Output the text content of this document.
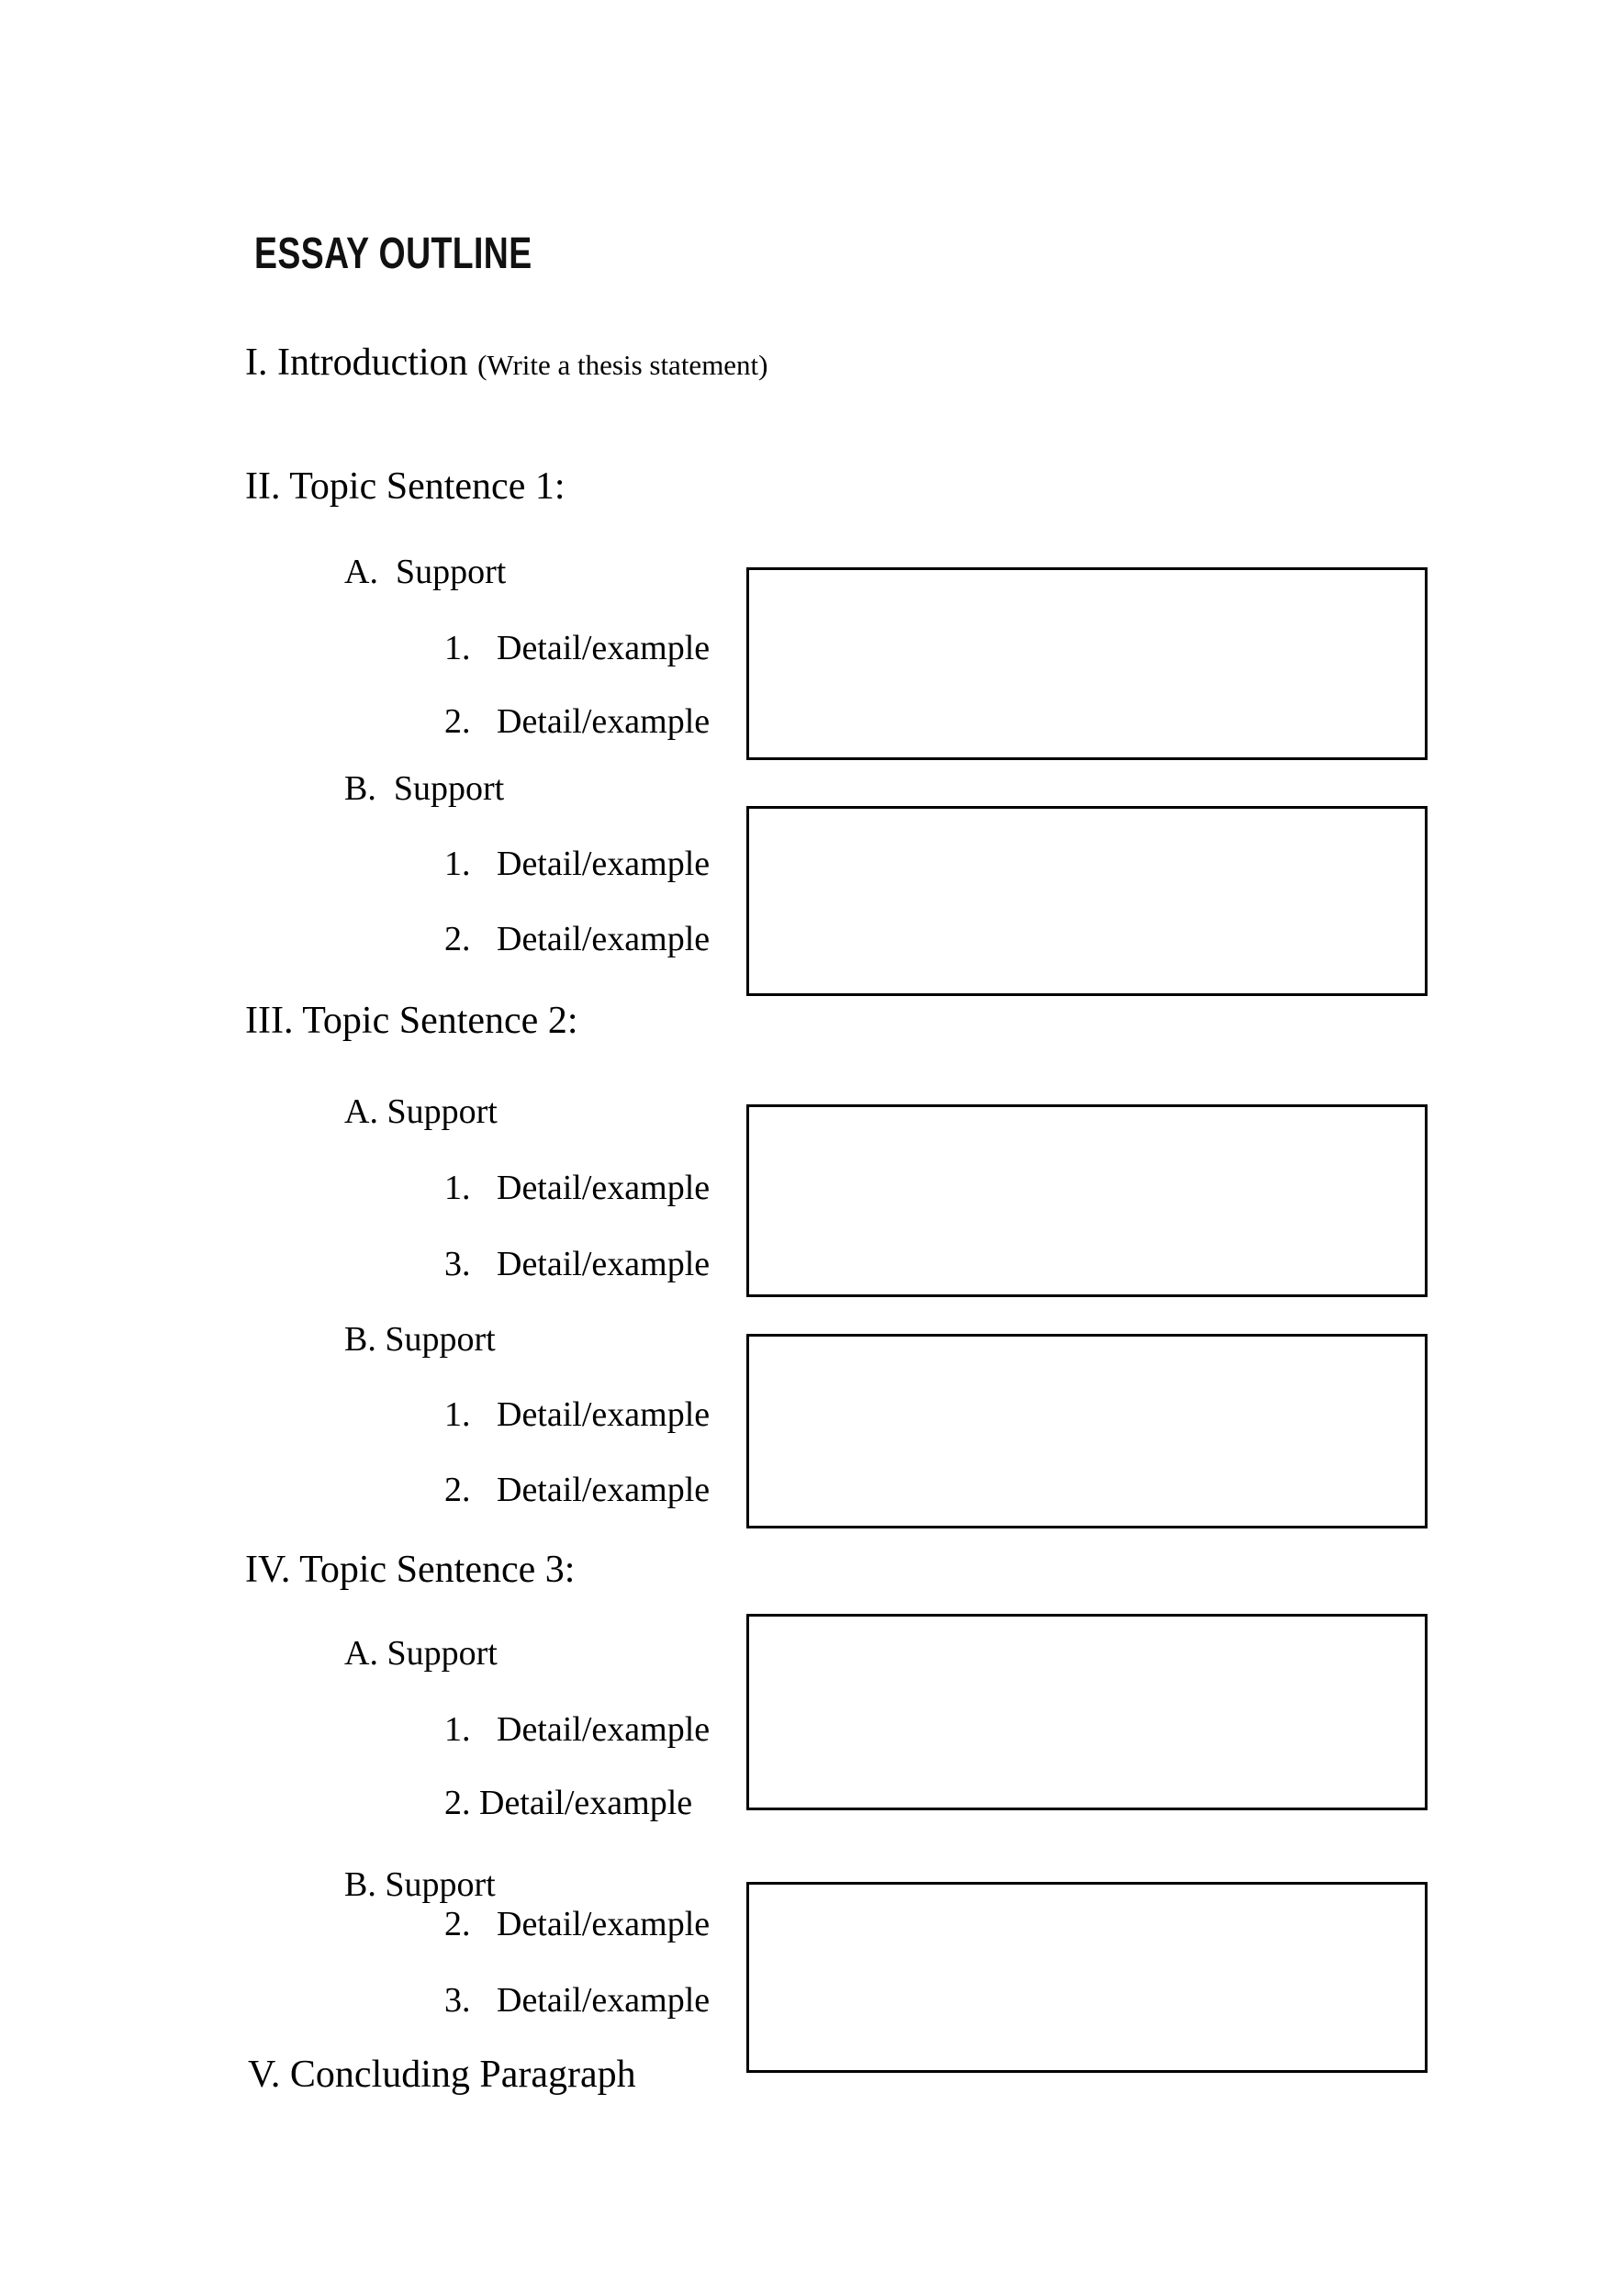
ESSAY OUTLINE
I. Introduction (Write a thesis statement)
II. Topic Sentence 1:
A.  Support
1.   Detail/example
2.   Detail/example
B.  Support
1.   Detail/example
2.   Detail/example
III. Topic Sentence 2:
A. Support
1.   Detail/example
3.   Detail/example
B. Support
1.   Detail/example
2.   Detail/example
IV. Topic Sentence 3:
A. Support
1.   Detail/example
2. Detail/example
B. Support
2.   Detail/example
3.   Detail/example
V. Concluding Paragraph
